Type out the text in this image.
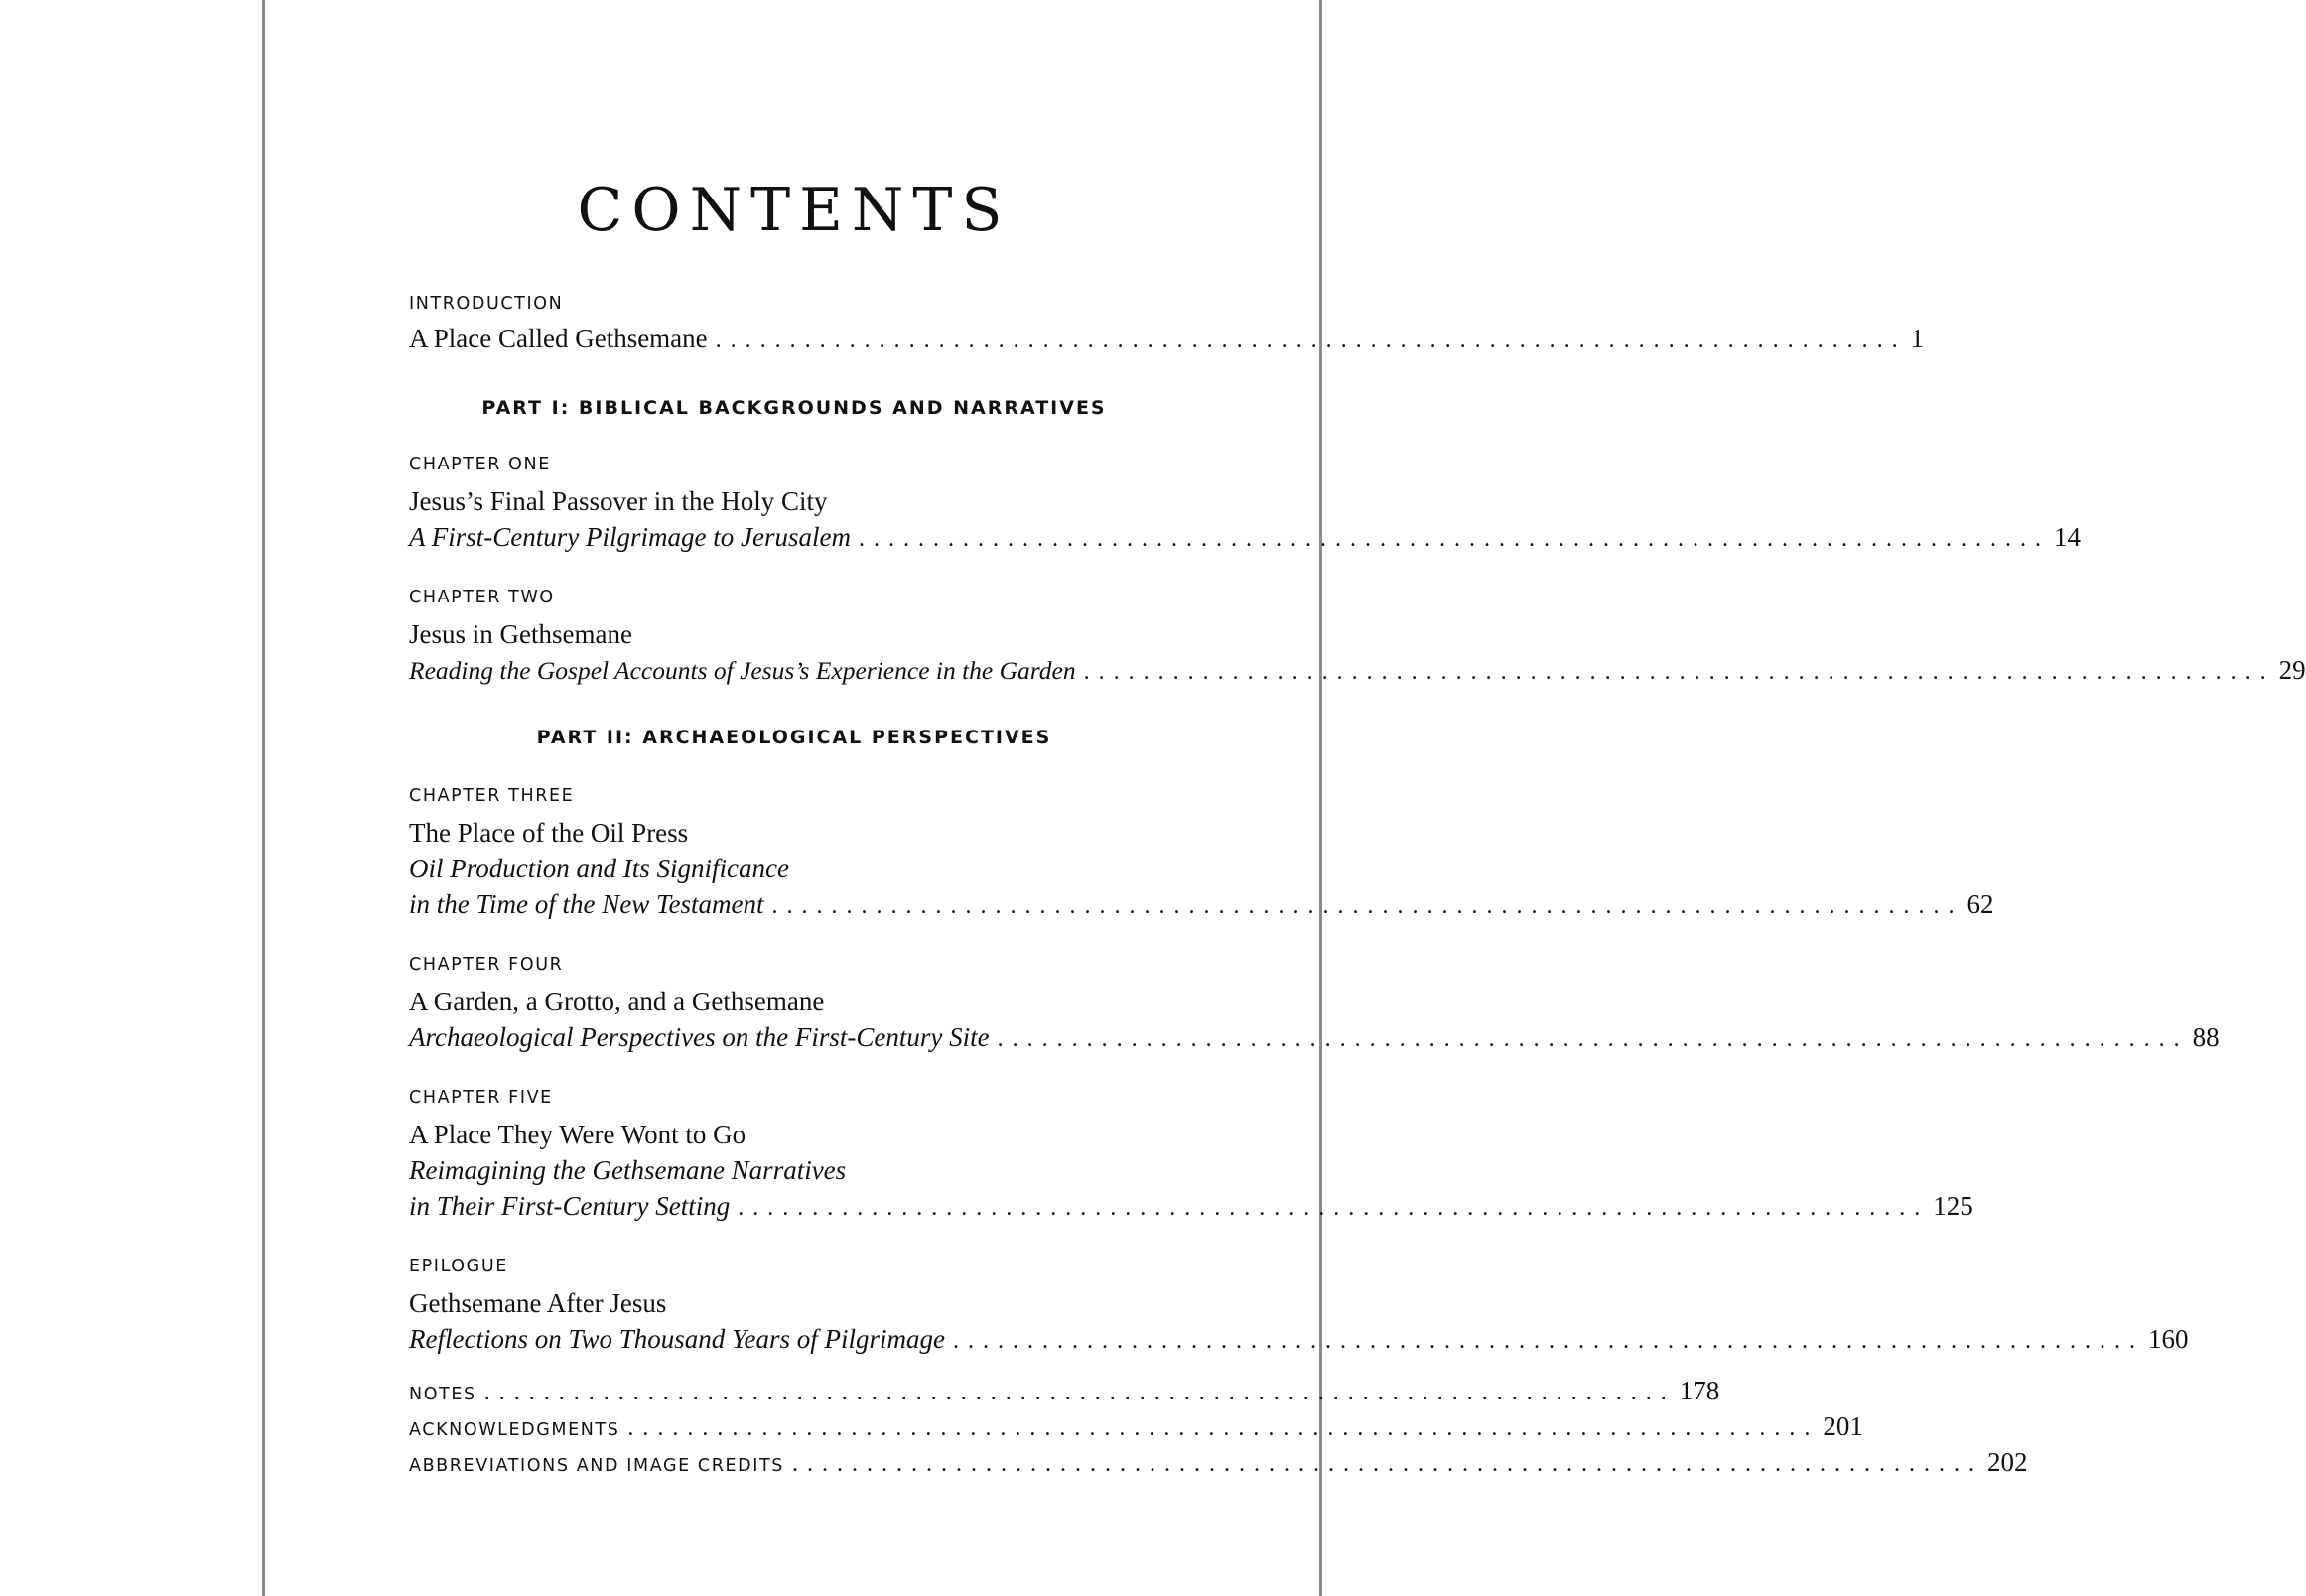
CONTENTS
INTRODUCTION
A Place Called Gethsemane ................................................................................ 1
PART I: BIBLICAL BACKGROUNDS AND NARRATIVES
CHAPTER ONE
Jesus’s Final Passover in the Holy City
A First-Century Pilgrimage to Jerusalem ................................................................................ 14
CHAPTER TWO
Jesus in Gethsemane
Reading the Gospel Accounts of Jesus’s Experience in the Garden ................................................................................ 29
PART II: ARCHAEOLOGICAL PERSPECTIVES
CHAPTER THREE
The Place of the Oil Press
Oil Production and Its Significance
in the Time of the New Testament ................................................................................ 62
CHAPTER FOUR
A Garden, a Grotto, and a Gethsemane
Archaeological Perspectives on the First-Century Site ................................................................................ 88
CHAPTER FIVE
A Place They Were Wont to Go
Reimagining the Gethsemane Narratives
in Their First-Century Setting ................................................................................ 125
EPILOGUE
Gethsemane After Jesus
Reflections on Two Thousand Years of Pilgrimage ................................................................................ 160
NOTES ................................................................................ 178
ACKNOWLEDGMENTS ................................................................................ 201
ABBREVIATIONS AND IMAGE CREDITS ................................................................................ 202
